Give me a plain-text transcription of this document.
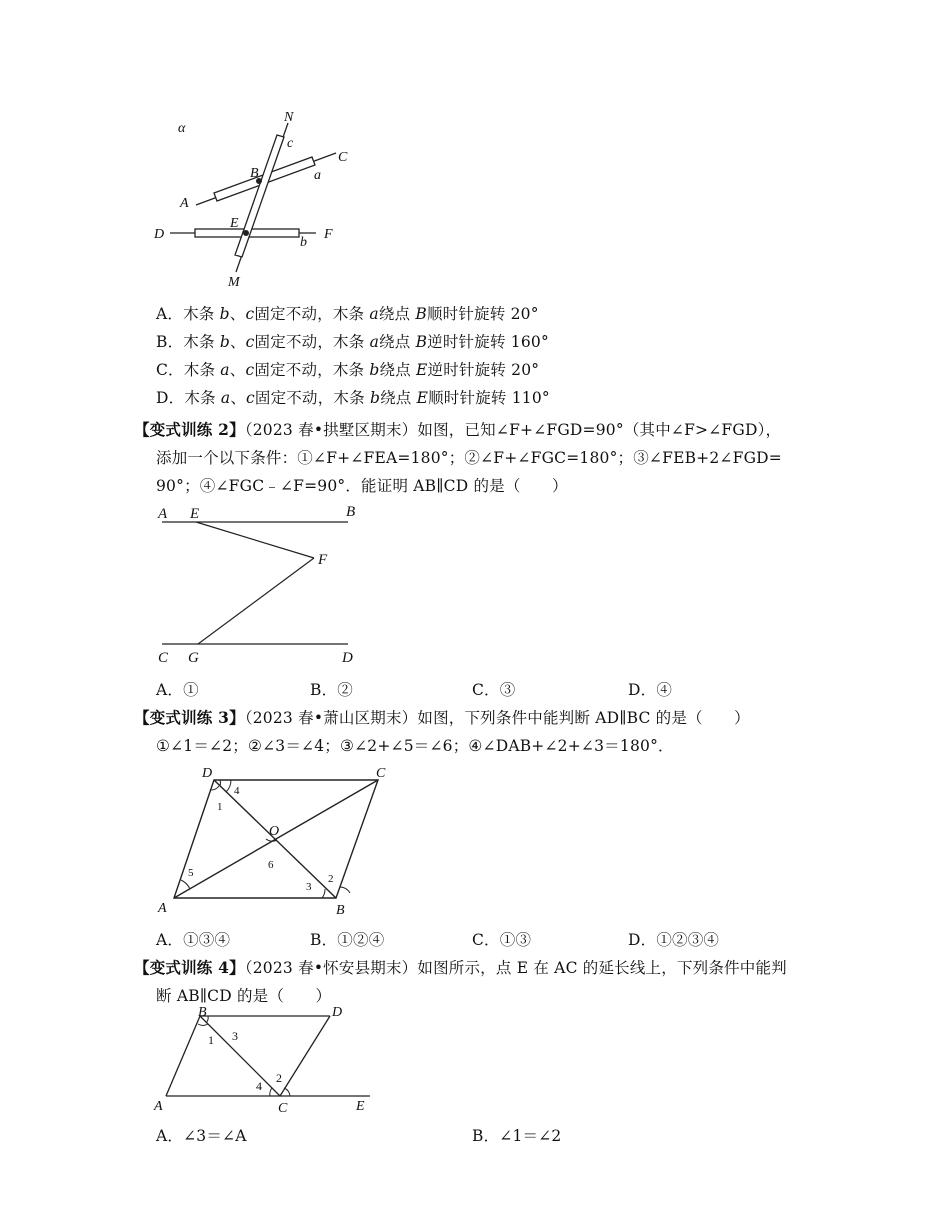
α
N
c
C
B	a
A
E
D	F
b
M
A．木条 b、c固定不动，木条 a绕点 B顺时针旋转 20°
B．木条 b、c固定不动，木条 a绕点 B逆时针旋转 160°
C．木条 a、c固定不动，木条 b绕点 E逆时针旋转 20°
D．木条 a、c固定不动，木条 b绕点 E顺时针旋转 110°
【变式训练 2】（2023 春•拱墅区期末）如图，已知∠F+∠FGD=90°（其中∠F>∠FGD），
添加一个以下条件：①∠F+∠FEA=180°；②∠F+∠FGC=180°；③∠FEB+2∠FGD=
90°；④∠FGC﹣∠F=90°．能证明 AB∥CD 的是（　　）
A E	B
F
C G	D
A．①	B．②	C．③	D．④
【变式训练 3】（2023 春•萧山区期末）如图，下列条件中能判断 AD∥BC 的是（　　）
①∠1＝∠2；②∠3＝∠4；③∠2+∠5＝∠6；④∠DAB+∠2+∠3＝180°．
D	C
O
A	B
1
4
5
6
3
2
A．①③④	B．①②④	C．①③	D．①②③④
【变式训练 4】（2023 春•怀安县期末）如图所示，点 E 在 AC 的延长线上，下列条件中能判
断 AB∥CD 的是（　　）
B	D
A	C	E
1 3
4
2
A．∠3＝∠A	B．∠1＝∠2
